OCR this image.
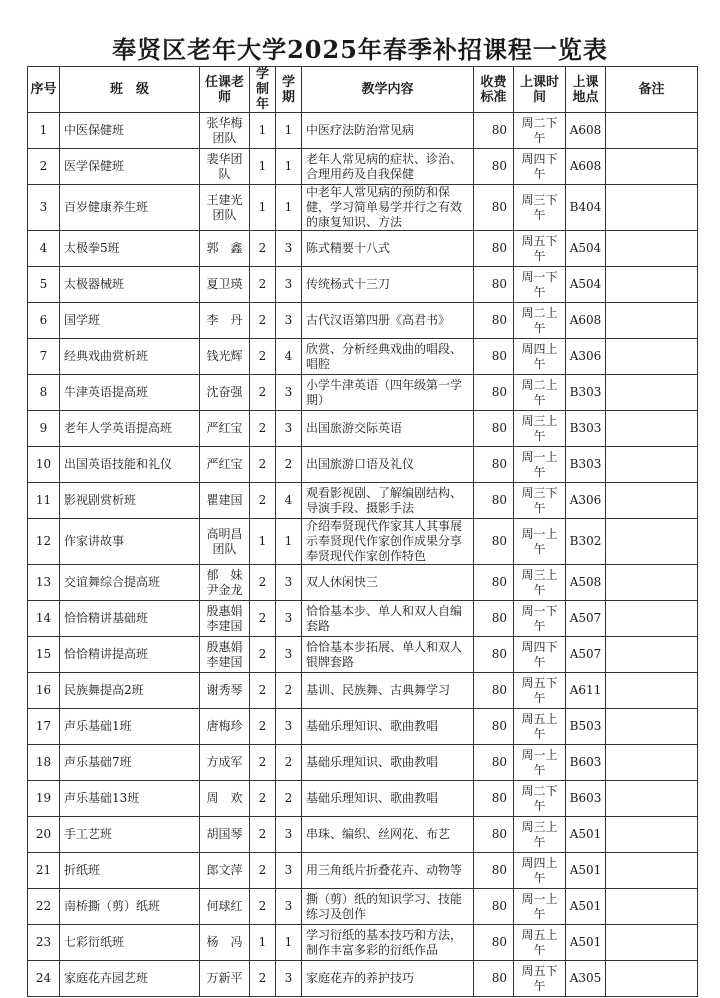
奉贤区老年大学2025年春季补招课程一览表
序号	班　级	任课老师	学制年	学期	教学内容	收费标准	上课时间	上课地点	备注
1	中医保健班	张华梅团队	1	1	中医疗法防治常见病	80	周二下午	A608	
2	医学保健班	裴华团队	1	1	老年人常见病的症状、诊治、合理用药及自我保健	80	周四下午	A608	
3	百岁健康养生班	王建光团队	1	1	中老年人常见病的预防和保健，学习简单易学并行之有效的康复知识、方法	80	周三下午	B404	
4	太极拳5班	郭　鑫	2	3	陈式精要十八式	80	周五下午	A504	
5	太极器械班	夏卫瑛	2	3	传统杨式十三刀	80	周一下午	A504	
6	国学班	李　丹	2	3	古代汉语第四册《高君书》	80	周二上午	A608	
7	经典戏曲赏析班	钱光辉	2	4	欣赏、分析经典戏曲的唱段、唱腔	80	周四上午	A306	
8	牛津英语提高班	沈奋强	2	3	小学牛津英语（四年级第一学期）	80	周二上午	B303	
9	老年人学英语提高班	严红宝	2	3	出国旅游交际英语	80	周三上午	B303	
10	出国英语技能和礼仪	严红宝	2	2	出国旅游口语及礼仪	80	周一上午	B303	
11	影视剧赏析班	瞿建国	2	4	观看影视剧、了解编剧结构、导演手段、摄影手法	80	周三下午	A306	
12	作家讲故事	高明昌团队	1	1	介绍奉贤现代作家其人其事展示奉贤现代作家创作成果分享奉贤现代作家创作特色	80	周一上午	B302	
13	交谊舞综合提高班	郁　妹 尹金龙	2	3	双人休闲快三	80	周三上午	A508	
14	恰恰精讲基础班	殷惠娟李建国	2	3	恰恰基本步、单人和双人自编套路	80	周一下午	A507	
15	恰恰精讲提高班	殷惠娟李建国	2	3	恰恰基本步拓展、单人和双人银牌套路	80	周四下午	A507	
16	民族舞提高2班	谢秀琴	2	2	基训、民族舞、古典舞学习	80	周五下午	A611	
17	声乐基础1班	唐梅珍	2	3	基础乐理知识、歌曲教唱	80	周五上午	B503	
18	声乐基础7班	方成军	2	2	基础乐理知识、歌曲教唱	80	周一上午	B603	
19	声乐基础13班	周　欢	2	2	基础乐理知识、歌曲教唱	80	周二下午	B603	
20	手工艺班	胡国琴	2	3	串珠、编织、丝网花、布艺	80	周三上午	A501	
21	折纸班	郎文萍	2	3	用三角纸片折叠花卉、动物等	80	周四上午	A501	
22	南桥撕（剪）纸班	何球红	2	3	撕（剪）纸的知识学习、技能练习及创作	80	周一上午	A501	
23	七彩衍纸班	杨　冯	1	1	学习衍纸的基本技巧和方法，制作丰富多彩的衍纸作品	80	周五上午	A501	
24	家庭花卉园艺班	万新平	2	3	家庭花卉的养护技巧	80	周五下午	A305	
